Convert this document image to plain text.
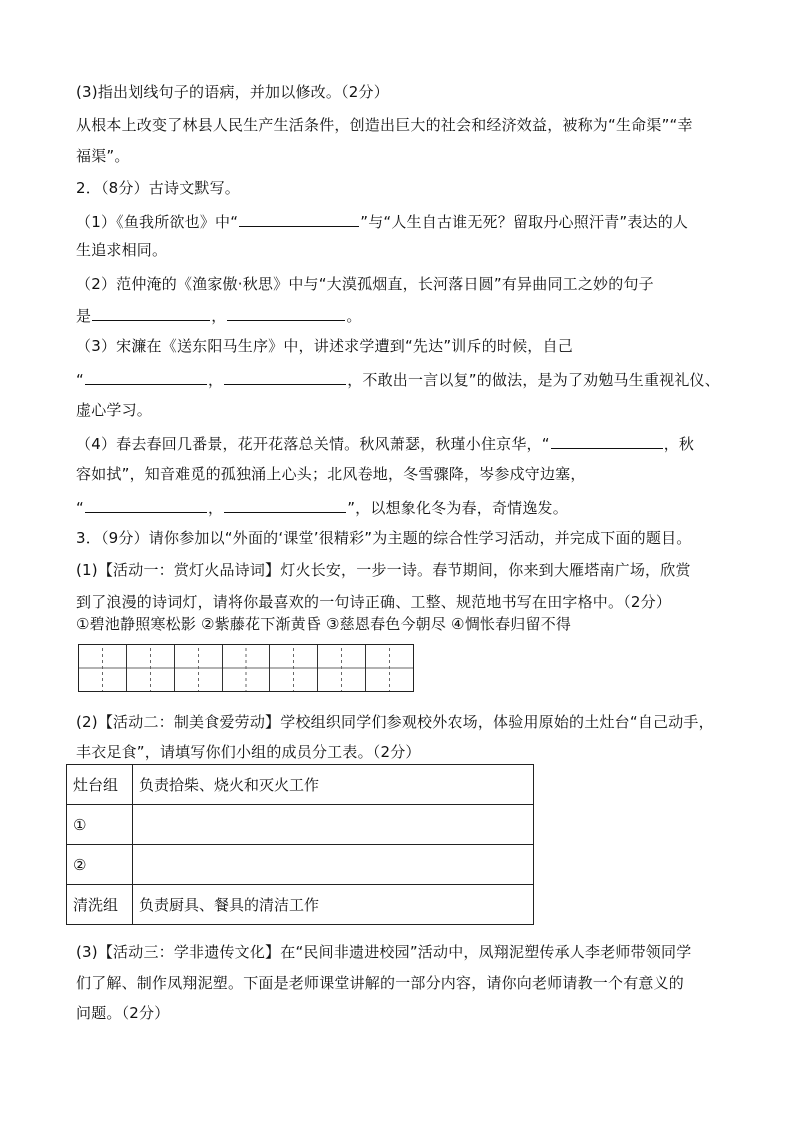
(3)指出划线句子的语病，并加以修改。（2分）
从根本上改变了林县人民生产生活条件，创造出巨大的社会和经济效益，被称为“生命渠”“幸
福渠”。
2．（8分）古诗文默写。
（1）《鱼我所欲也》中“	”与“人生自古谁无死？留取丹心照汗青”表达的人
生追求相同。
（2）范仲淹的《渔家傲·秋思》中与“大漠孤烟直，长河落日圆”有异曲同工之妙的句子
是	，	。
（3）宋濂在《送东阳马生序》中，讲述求学遭到“先达”训斥的时候，自己
“	，	，不敢出一言以复”的做法，是为了劝勉马生重视礼仪、
虚心学习。
（4）春去春回几番景，花开花落总关情。秋风萧瑟，秋瑾小住京华，“	，秋
容如拭”，知音难觅的孤独涌上心头；北风卷地，冬雪骤降，岑参戍守边塞，
“	，	”，以想象化冬为春，奇情逸发。
3．（9分）请你参加以“外面的‘课堂’很精彩”为主题的综合性学习活动，并完成下面的题目。
(1)【活动一：赏灯火品诗词】灯火长安，一步一诗。春节期间，你来到大雁塔南广场，欣赏
到了浪漫的诗词灯，请将你最喜欢的一句诗正确、工整、规范地书写在田字格中。（2分）
①碧池静照寒松影 ②紫藤花下渐黄昏 ③慈恩春色今朝尽 ④惆怅春归留不得
(2)【活动二：制美食爱劳动】学校组织同学们参观校外农场，体验用原始的土灶台“自己动手，
丰衣足食”，请填写你们小组的成员分工表。（2分）
灶台组	负责拾柴、烧火和灭火工作
①	
②	
清洗组	负责厨具、餐具的清洁工作
(3)【活动三：学非遗传文化】在“民间非遗进校园”活动中，凤翔泥塑传承人李老师带领同学
们了解、制作凤翔泥塑。下面是老师课堂讲解的一部分内容，请你向老师请教一个有意义的
问题。（2分）
